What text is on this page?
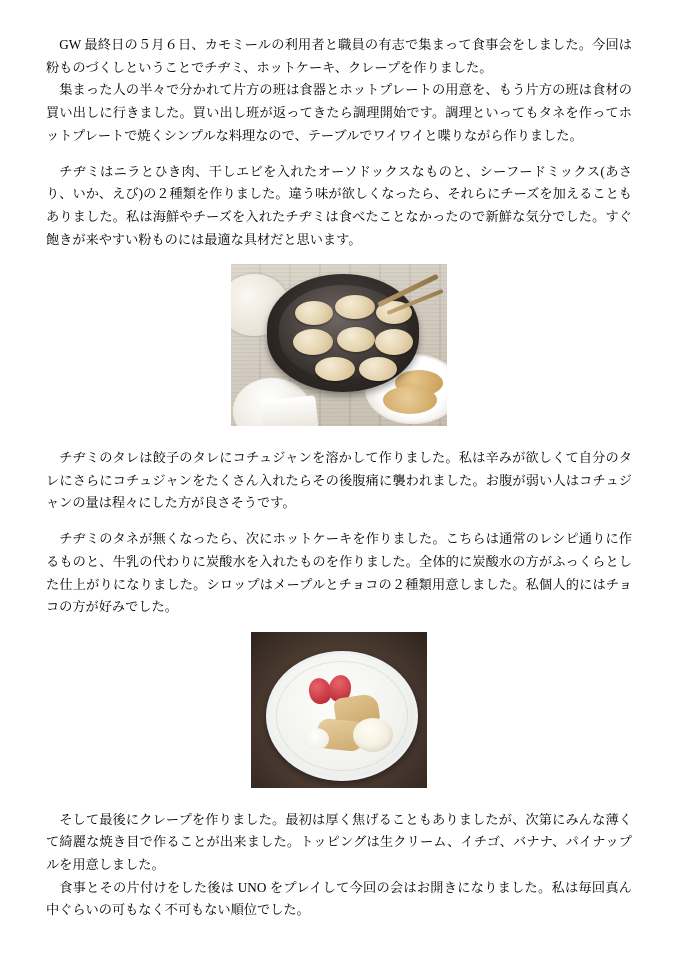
GW 最終日の５月６日、カモミールの利用者と職員の有志で集まって食事会をしました。今回は粉ものづくしということでチヂミ、ホットケーキ、クレープを作りました。

集まった人の半々で分かれて片方の班は食器とホットプレートの用意を、もう片方の班は食材の買い出しに行きました。買い出し班が返ってきたら調理開始です。調理といってもタネを作ってホットプレートで焼くシンプルな料理なので、テーブルでワイワイと喋りながら作りました。

チヂミはニラとひき肉、干しエビを入れたオーソドックスなものと、シーフードミックス(あさり、いか、えび)の２種類を作りました。違う味が欲しくなったら、それらにチーズを加えることもありました。私は海鮮やチーズを入れたチヂミは食べたことなかったので新鮮な気分でした。すぐ飽きが来やすい粉ものには最適な具材だと思います。

チヂミのタレは餃子のタレにコチュジャンを溶かして作りました。私は辛みが欲しくて自分のタレにさらにコチュジャンをたくさん入れたらその後腹痛に襲われました。お腹が弱い人はコチュジャンの量は程々にした方が良さそうです。

チヂミのタネが無くなったら、次にホットケーキを作りました。こちらは通常のレシピ通りに作るものと、牛乳の代わりに炭酸水を入れたものを作りました。全体的に炭酸水の方がふっくらとした仕上がりになりました。シロップはメープルとチョコの２種類用意しました。私個人的にはチョコの方が好みでした。

そして最後にクレープを作りました。最初は厚く焦げることもありましたが、次第にみんな薄くて綺麗な焼き目で作ることが出来ました。トッピングは生クリーム、イチゴ、バナナ、パイナップルを用意しました。

食事とその片付けをした後は UNO をプレイして今回の会はお開きになりました。私は毎回真ん中ぐらいの可もなく不可もない順位でした。
